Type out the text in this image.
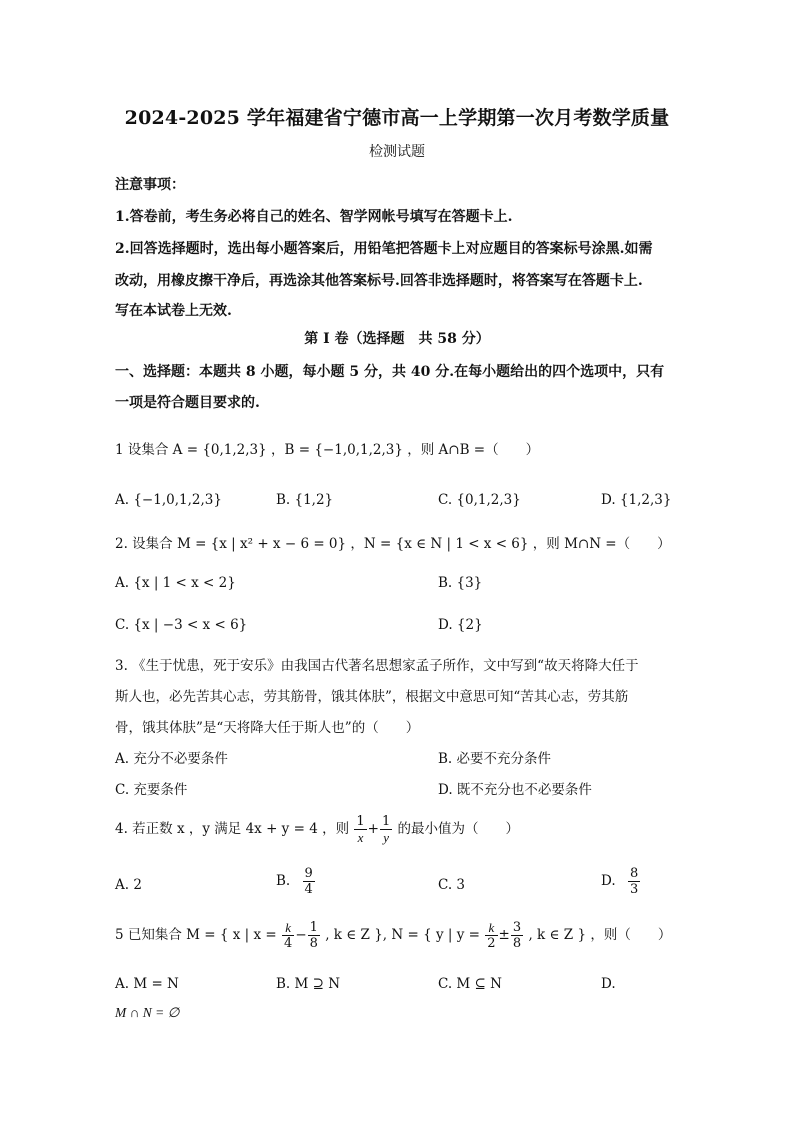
2024-2025 学年福建省宁德市高一上学期第一次月考数学质量
检测试题
注意事项：
1.答卷前，考生务必将自己的姓名、智学网帐号填写在答题卡上.
2.回答选择题时，选出每小题答案后，用铅笔把答题卡上对应题目的答案标号涂黑.如需
改动，用橡皮擦干净后，再选涂其他答案标号.回答非选择题时，将答案写在答题卡上.
写在本试卷上无效.
第 I 卷（选择题　共 58 分）
一、选择题：本题共 8 小题，每小题 5 分，共 40 分.在每小题给出的四个选项中，只有
一项是符合题目要求的.
1 设集合 A = {0,1,2,3} ，B = {−1,0,1,2,3} ，则 A∩B =（　　）
A. {−1,0,1,2,3}	B. {1,2}	C. {0,1,2,3}	D. {1,2,3}
2. 设集合 M = {x | x² + x − 6 = 0} ，N = {x ∈ N | 1 < x < 6} ，则 M∩N =（　　）
A. {x | 1 < x < 2}	B. {3}
C. {x | −3 < x < 6}	D. {2}
3. 《生于忧患，死于安乐》由我国古代著名思想家孟子所作，文中写到“故天将降大任于
斯人也，必先苦其心志，劳其筋骨，饿其体肤”，根据文中意思可知“苦其心志，劳其筋
骨，饿其体肤”是“天将降大任于斯人也”的（　　）
A. 充分不必要条件	B. 必要不充分条件
C. 充要条件	D. 既不充分也不必要条件
4. 若正数 x ，y 满足 4x + y = 4 ，则 $\frac{1}{x} + \frac{1}{y}$ 的最小值为（　　）
A. 2	B. $\frac{9}{4}$	C. 3	D. $\frac{8}{3}$
5 已知集合 M = { x | $x = \frac{k}{4} - \frac{1}{8}$ , k ∈ Z }, N = { y | $y = \frac{k}{2} \pm \frac{3}{8}$ , k ∈ Z } ，则（　　）
A. M = N	B. M ⊇ N	C. M ⊆ N	D.
M ∩ N = ∅
